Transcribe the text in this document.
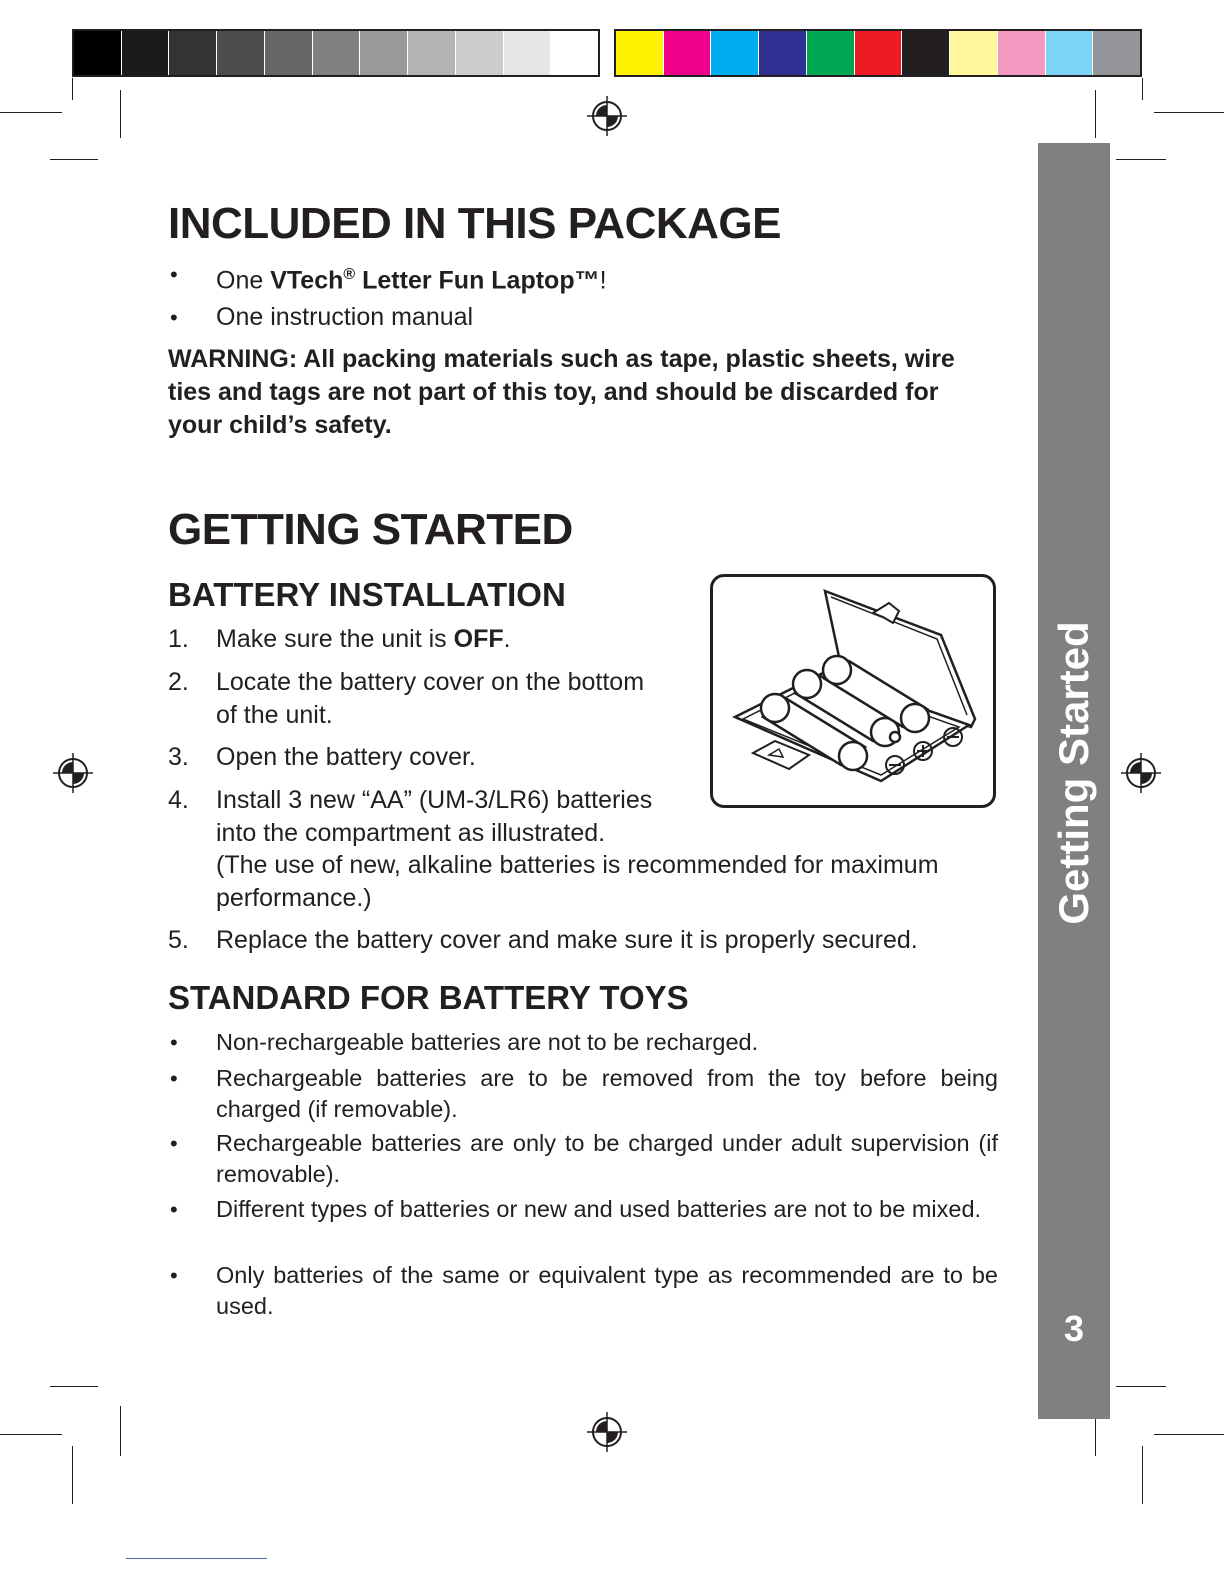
Getting Started
3
INCLUDED IN THIS PACKAGE
• One VTech® Letter Fun Laptop™!
• One instruction manual
WARNING: All packing materials such as tape, plastic sheets, wire
ties and tags are not part of this toy, and should be discarded for
your child’s safety.
GETTING STARTED
BATTERY INSTALLATION
1. Make sure the unit is OFF.
2. Locate the battery cover on the bottom
of the unit.
3. Open the battery cover.
4. Install 3 new “AA” (UM-3/LR6) batteries
into the compartment as illustrated.
(The use of new, alkaline batteries is recommended for maximum
performance.)
5. Replace the battery cover and make sure it is properly secured.
STANDARD FOR BATTERY TOYS
• Non-rechargeable batteries are not to be recharged.
• Rechargeable batteries are to be removed from the toy before being charged (if removable).
• Rechargeable batteries are only to be charged under adult supervision (if removable).
• Different types of batteries or new and used batteries are not to be mixed.
• Only batteries of the same or equivalent type as recommended are to be used.
